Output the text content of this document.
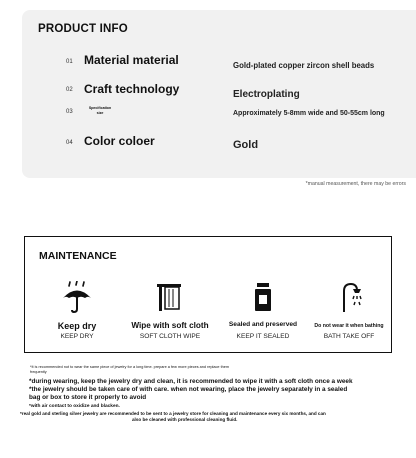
PRODUCT INFO
01 Material material	Gold-plated copper zircon shell beads
02 Craft technology	Electroplating
03
Specification size	Approximately 5-8mm wide and 50-55cm long
04 Color coloer	Gold
*manual measurement, there may be errors
MAINTENANCE
Keep dry
KEEP DRY
Wipe with soft cloth
SOFT CLOTH WIPE
Sealed and preserved
KEEP IT SEALED
Do not wear it when bathing
BATH TAKE OFF
*It is recommended not to wear the same piece of jewelry for a long time. prepare a few more pieces and replace them
frequently
*during wearing, keep the jewelry dry and clean, it is recommended to wipe it with a soft cloth once a week
*the jewelry should be taken care of with care. when not wearing, place the jewelry separately in a sealed
bag or box to store it properly to avoid
*with air contact to oxidize and blacken.
*real gold and sterling silver jewelry are recommended to be sent to a jewelry store for cleaning and maintenance every six months, and can
also be cleaned with professional cleaning fluid.
